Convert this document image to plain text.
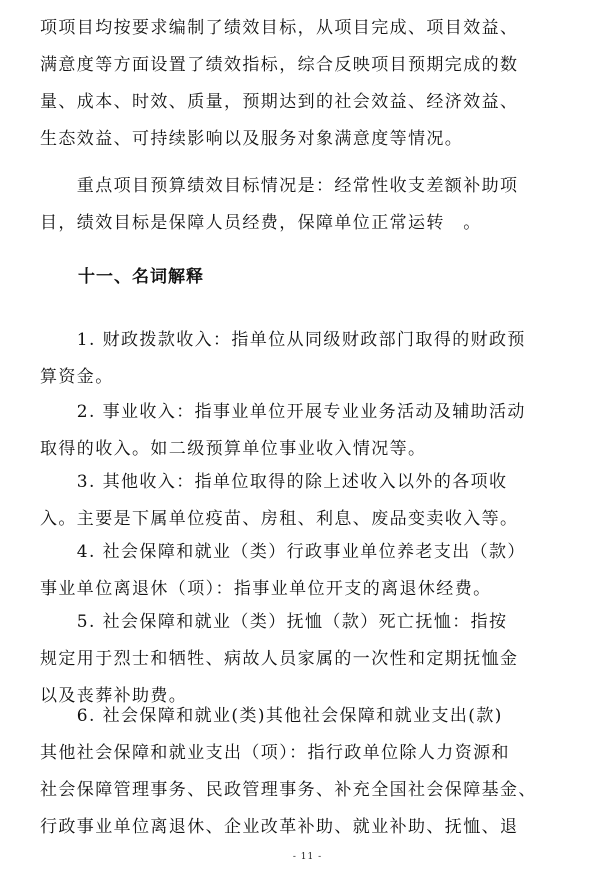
项项目均按要求编制了绩效目标，从项目完成、项目效益、
满意度等方面设置了绩效指标，综合反映项目预期完成的数
量、成本、时效、质量，预期达到的社会效益、经济效益、
生态效益、可持续影响以及服务对象满意度等情况。
　　重点项目预算绩效目标情况是：经常性收支差额补助项
目，绩效目标是保障人员经费，保障单位正常运转　。
十一、名词解释
　　1. 财政拨款收入：指单位从同级财政部门取得的财政预
算资金。
　　2. 事业收入：指事业单位开展专业业务活动及辅助活动
取得的收入。如二级预算单位事业收入情况等。
　　3. 其他收入：指单位取得的除上述收入以外的各项收
入。主要是下属单位疫苗、房租、利息、废品变卖收入等。
　　4. 社会保障和就业（类）行政事业单位养老支出（款）
事业单位离退休（项）：指事业单位开支的离退休经费。
　　5. 社会保障和就业（类）抚恤（款）死亡抚恤：指按
规定用于烈士和牺牲、病故人员家属的一次性和定期抚恤金
以及丧葬补助费。
　　6. 社会保障和就业(类)其他社会保障和就业支出(款)
其他社会保障和就业支出（项）：指行政单位除人力资源和
社会保障管理事务、民政管理事务、补充全国社会保障基金、
行政事业单位离退休、企业改革补助、就业补助、抚恤、退
- 11 -
